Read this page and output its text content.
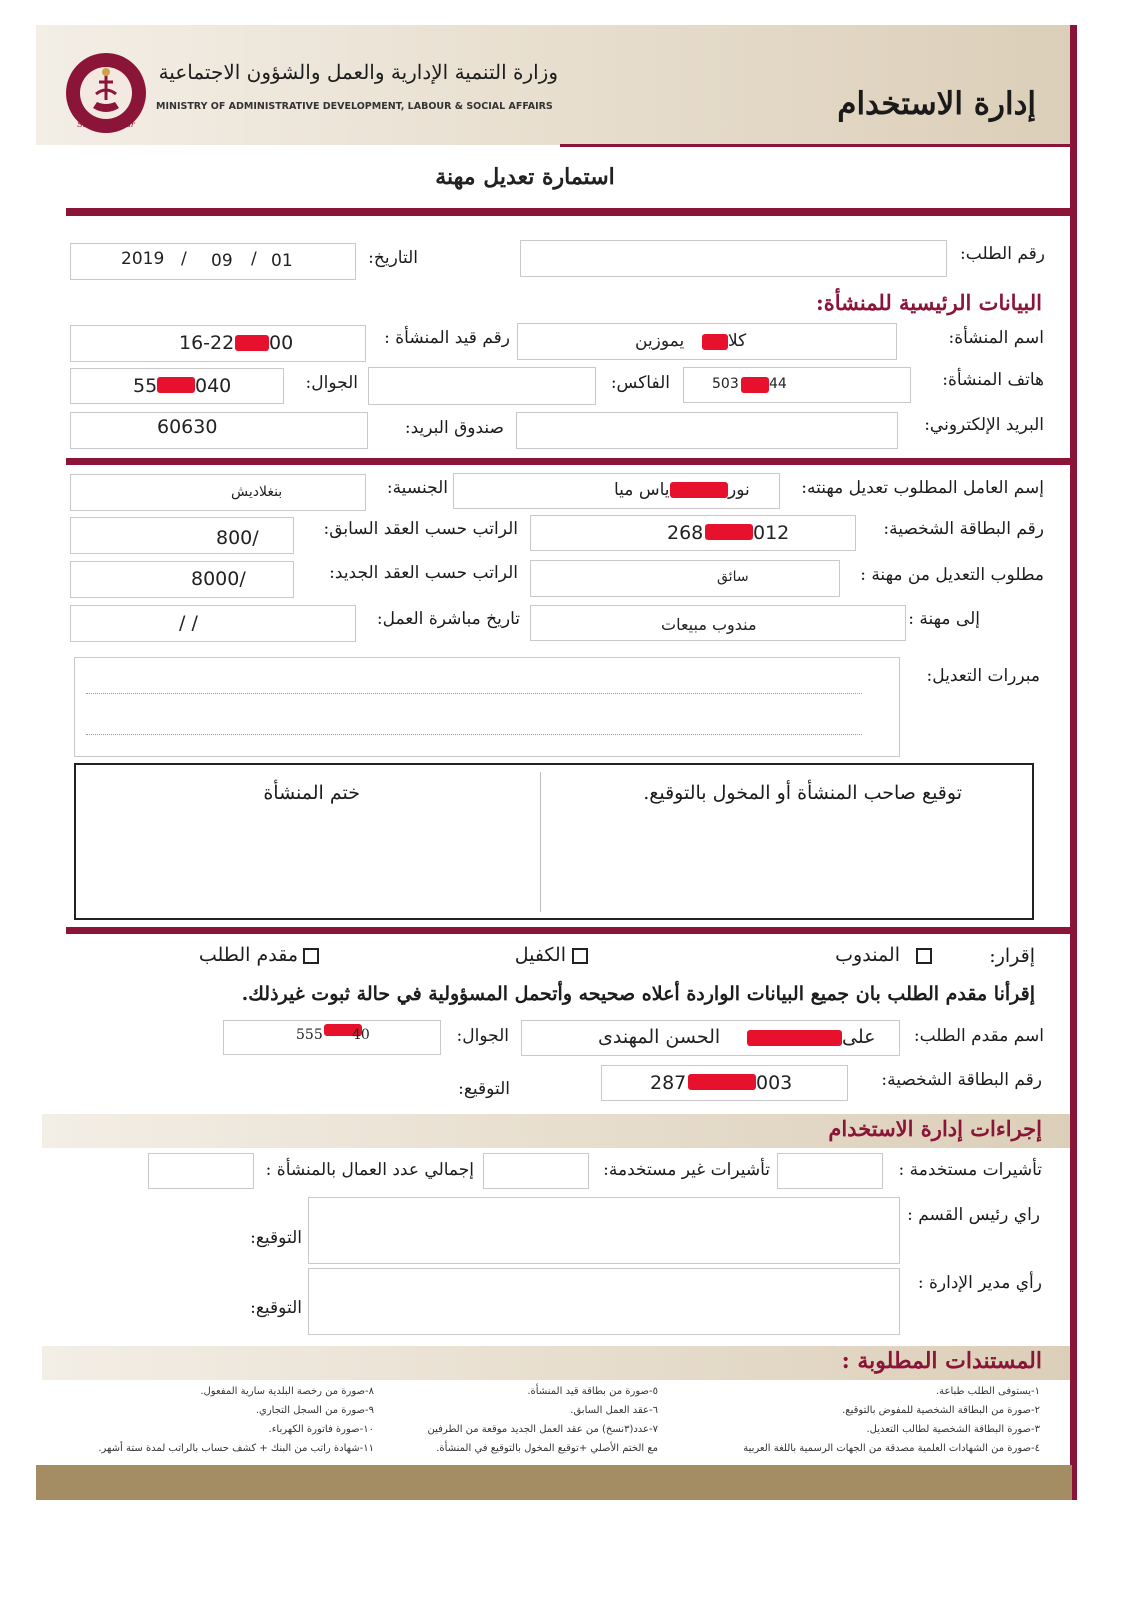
State of Qatar
وزارة التنمية الإدارية والعمل والشؤون الاجتماعية
MINISTRY OF ADMINISTRATIVE DEVELOPMENT, LABOUR & SOCIAL AFFAIRS	إدارة الاستخدام
استمارة تعديل مهنة
رقم الطلب:
التاريخ:
2019 / 09 / 01
البيانات الرئيسية للمنشأة:
اسم المنشأة:
يموزين	كلا
رقم قيد المنشأة :
16-22 00
هاتف المنشأة:
503 44
الفاكس:
الجوال:
55 040
البريد الإلكتروني:
صندوق البريد:
60630
إسم العامل المطلوب تعديل مهنته:
ياس ميا	نور
الجنسية:
بنغلاديش
رقم البطاقة الشخصية:
268	012
الراتب حسب العقد السابق:
800/
مطلوب التعديل من مهنة :
سائق
الراتب حسب العقد الجديد:
8000/
إلى مهنة :
مندوب مبيعات
تاريخ مباشرة العمل:
/ /
مبررات التعديل:
توقيع صاحب المنشأة أو المخول بالتوقيع.
ختم المنشأة
إقرار:
المندوب
الكفيل
مقدم الطلب
إقرأنا مقدم الطلب بان جميع البيانات الواردة أعلاه صحيحه وأتحمل المسؤولية في حالة ثبوت غيرذلك.
اسم مقدم الطلب:
الحسن المهندى	على
الجوال:
555 40
رقم البطاقة الشخصية:
287	003
التوقيع:
إجراءات إدارة الاستخدام
تأشيرات مستخدمة :
تأشيرات غير مستخدمة:
إجمالي عدد العمال بالمنشأة :
راي رئيس القسم :
التوقيع:
رأي مدير الإدارة :
التوقيع:
المستندات المطلوبة :
١-يستوفى الطلب طباعة.
٢-صورة من البطاقة الشخصية للمفوض بالتوقيع.
٣-صورة البطاقة الشخصية لطالب التعديل.
٤-صورة من الشهادات العلمية مصدقة من الجهات الرسمية باللغة العربية
٥-صورة من بطاقة قيد المنشأة.
٦-عقد العمل السابق.
٧-عدد(٣نسخ) من عقد العمل الجديد موقعة من الطرفين
مع الختم الأصلي +توقيع المخول بالتوقيع في المنشأة.
٨-صورة من رخصة البلدية سارية المفعول.
٩-صورة من السجل التجاري.
١٠-صورة فاتورة الكهرباء.
١١-شهادة راتب من البنك + كشف حساب بالراتب لمدة ستة أشهر.
